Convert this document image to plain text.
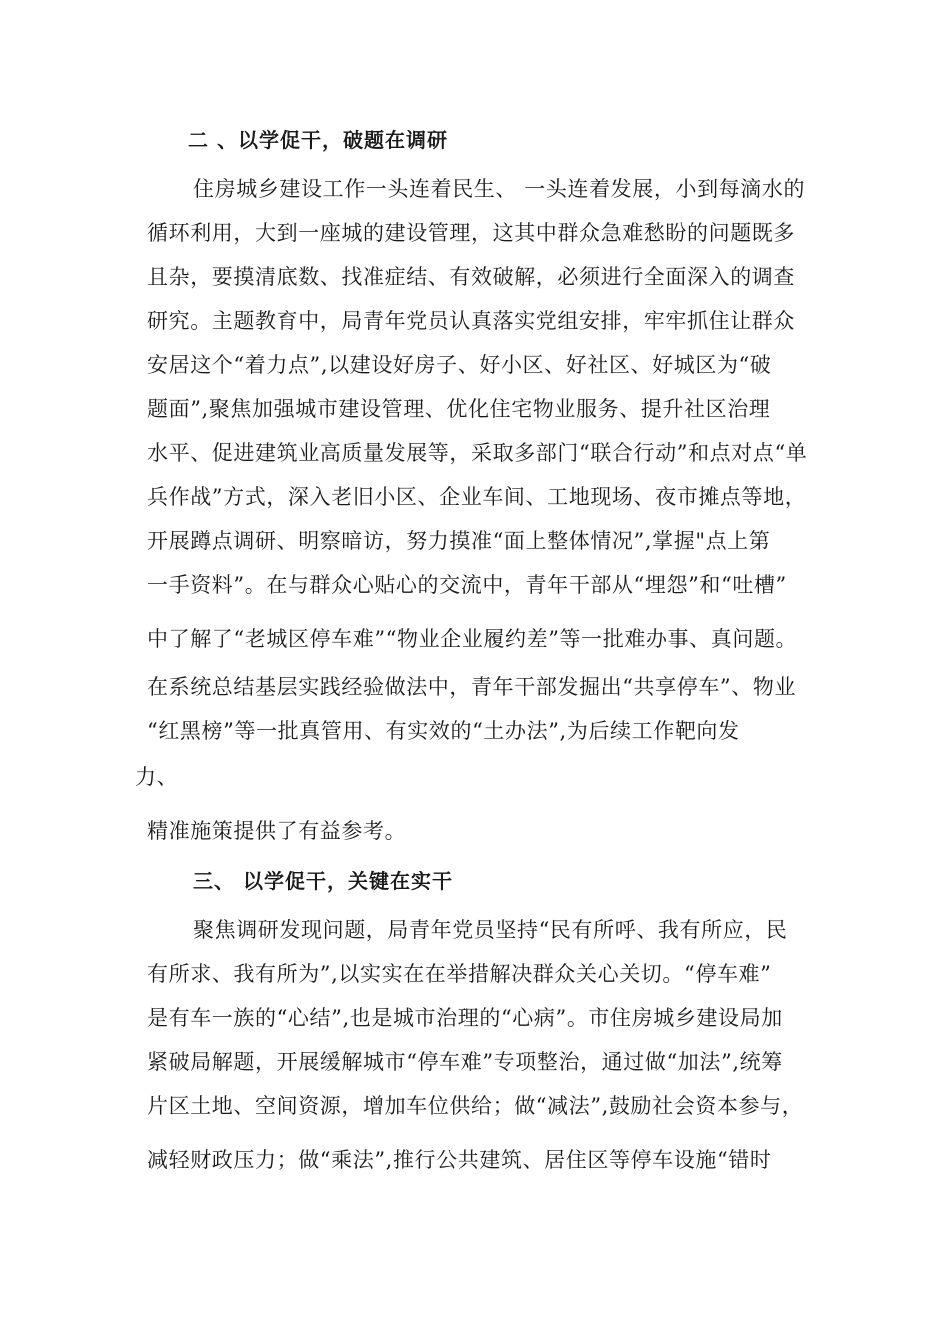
二 、以学促干，破题在调研
住房城乡建设工作一头连着民生、 一头连着发展，小到每滴水的
循环利用，大到一座城的建设管理，这其中群众急难愁盼的问题既多
且杂，要摸清底数、找准症结、有效破解，必须进行全面深入的调查
研究。主题教育中，局青年党员认真落实党组安排，牢牢抓住让群众
安居这个“着力点”,以建设好房子、好小区、好社区、好城区为“破
题面”,聚焦加强城市建设管理、优化住宅物业服务、提升社区治理
水平、促进建筑业高质量发展等，采取多部门“联合行动”和点对点“单
兵作战”方式，深入老旧小区、企业车间、工地现场、夜市摊点等地，
开展蹲点调研、明察暗访，努力摸准“面上整体情况”,掌握"点上第
一手资料”。在与群众心贴心的交流中，青年干部从“埋怨”和“吐槽”
中了解了“老城区停车难”“物业企业履约差”等一批难办事、真问题。
在系统总结基层实践经验做法中，青年干部发掘出“共享停车”、物业
“红黑榜”等一批真管用、有实效的“土办法”,为后续工作靶向发
力、
精准施策提供了有益参考。
三、 以学促干，关键在实干
聚焦调研发现问题，局青年党员坚持“民有所呼、我有所应，民
有所求、我有所为”,以实实在在举措解决群众关心关切。“停车难”
是有车一族的“心结”,也是城市治理的“心病”。市住房城乡建设局加
紧破局解题，开展缓解城市“停车难”专项整治，通过做“加法”,统筹
片区土地、空间资源，增加车位供给；做“减法”,鼓励社会资本参与，
减轻财政压力；做“乘法”,推行公共建筑、居住区等停车设施“错时
